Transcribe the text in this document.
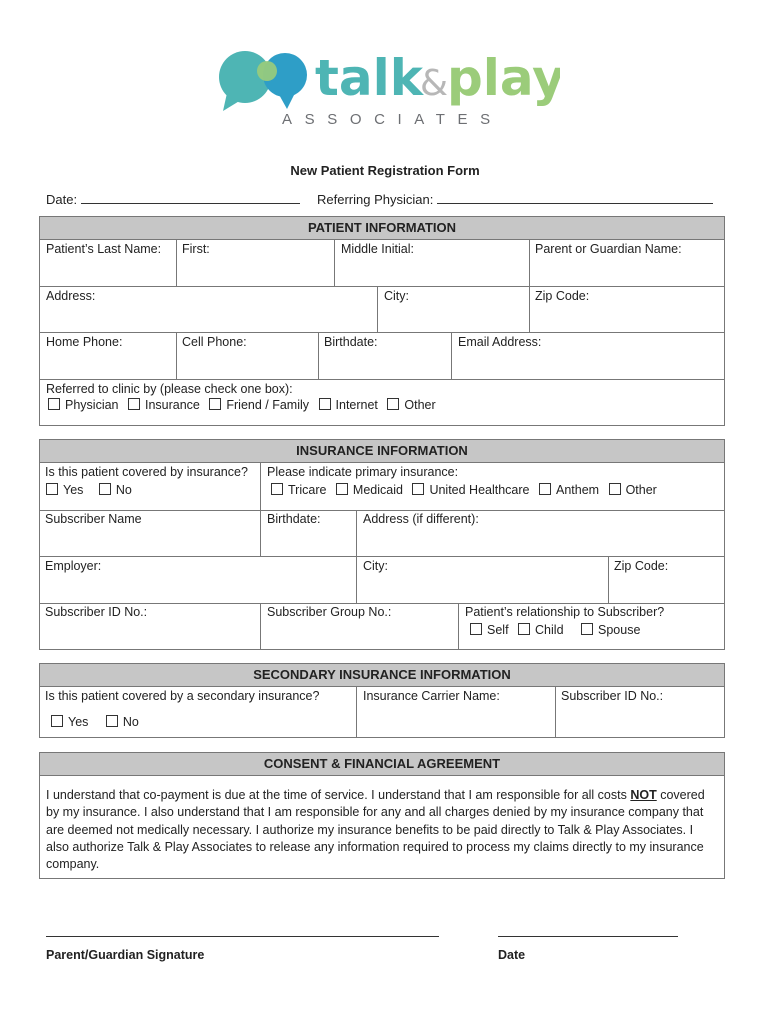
talk
&
play
ASSOCIATES
New Patient Registration Form
Date:	Referring Physician:
PATIENT INFORMATION
Patient’s Last Name: First:	Middle Initial:	Parent or Guardian Name:
Address:	City:	Zip Code:
Home Phone:	Cell Phone:	Birthdate:	Email Address:
Referred to clinic by (please check one box):
Physician Insurance Friend / Family Internet Other
INSURANCE INFORMATION
Is this patient covered by insurance?
Yes	No
Please indicate primary insurance:
Tricare Medicaid United Healthcare Anthem Other
Subscriber Name	Birthdate:	Address (if different):
Employer:	City:	Zip Code:
Subscriber ID No.:	Subscriber Group No.:	Patient’s relationship to Subscriber?
Self Child	Spouse
SECONDARY INSURANCE INFORMATION
Is this patient covered by a secondary insurance?
Yes	No
Insurance Carrier Name:	Subscriber ID No.:
CONSENT & FINANCIAL AGREEMENT
I understand that co-payment is due at the time of service. I understand that I am responsible for all costs NOT covered by my insurance. I also understand that I am responsible for any and all charges denied by my insurance company that are deemed not medically necessary. I authorize my insurance benefits to be paid directly to Talk & Play Associates. I also authorize Talk & Play Associates to release any information required to process my claims directly to my insurance company.
Parent/Guardian Signature	Date
